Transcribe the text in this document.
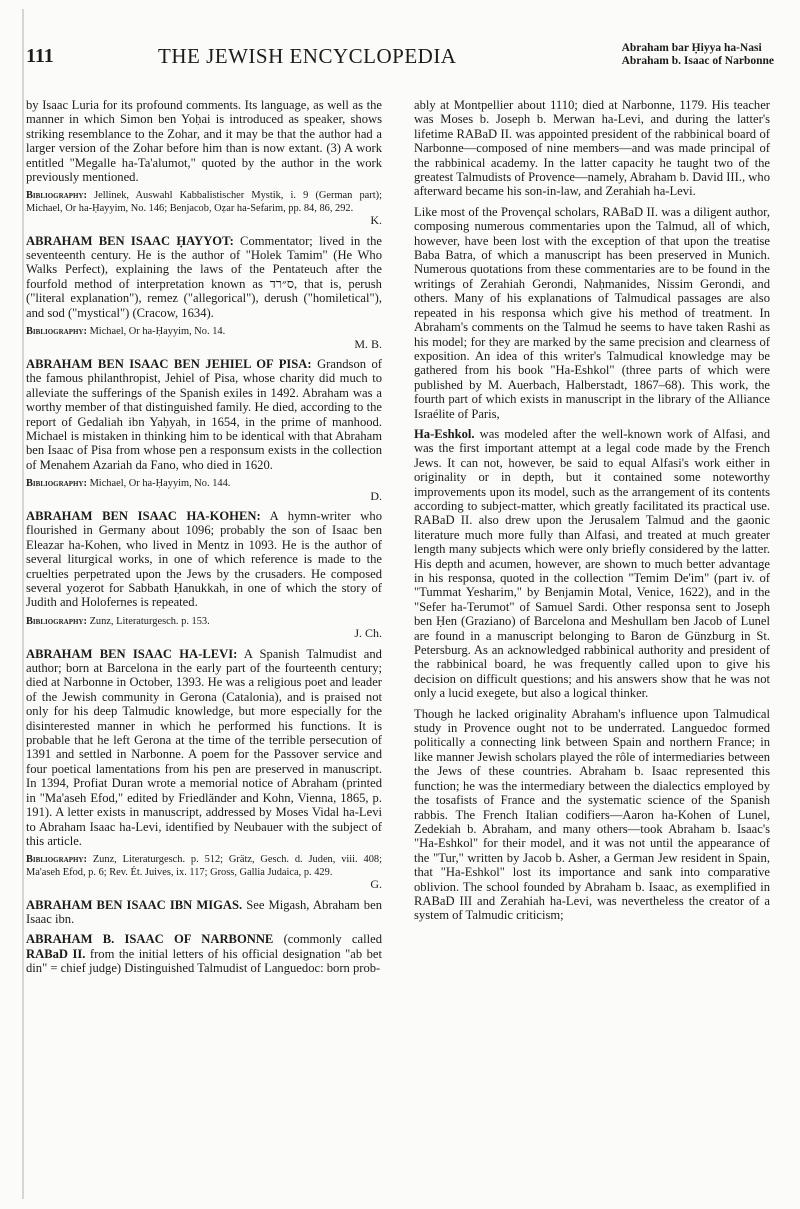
111	THE JEWISH ENCYCLOPEDIA	Abraham bar Ḥiyya ha-Nasi
Abraham b. Isaac of Narbonne

by Isaac Luria for its profound comments. Its language, as well as the manner in which Simon ben Yoḥai is introduced as speaker, shows striking resemblance to the Zohar, and it may be that the author had a larger version of the Zohar before him than is now extant. (3) A work entitled "Megalle ha-Ta'alumot," quoted by the author in the work previously mentioned.

Bibliography: Jellinek, Auswahl Kabbalistischer Mystik, i. 9 (German part); Michael, Or ha-Ḥayyim, No. 146; Benjacob, Oẓar ha-Sefarim, pp. 84, 86, 292.

K.

ABRAHAM BEN ISAAC ḤAYYOT: Commentator; lived in the seventeenth century. He is the author of "Holek Tamim" (He Who Walks Perfect), explaining the laws of the Pentateuch after the fourfold method of interpretation known as ס״רד, that is, perush ("literal explanation"), remez ("allegorical"), derush ("homiletical"), and sod ("mystical") (Cracow, 1634).

Bibliography: Michael, Or ha-Ḥayyim, No. 14.

M. B.

ABRAHAM BEN ISAAC BEN JEHIEL OF PISA: Grandson of the famous philanthropist, Jehiel of Pisa, whose charity did much to alleviate the sufferings of the Spanish exiles in 1492. Abraham was a worthy member of that distinguished family. He died, according to the report of Gedaliah ibn Yaḥyah, in 1654, in the prime of manhood. Michael is mistaken in thinking him to be identical with that Abraham ben Isaac of Pisa from whose pen a responsum exists in the collection of Menahem Azariah da Fano, who died in 1620.

Bibliography: Michael, Or ha-Ḥayyim, No. 144.

D.

ABRAHAM BEN ISAAC HA-KOHEN: A hymn-writer who flourished in Germany about 1096; probably the son of Isaac ben Eleazar ha-Kohen, who lived in Mentz in 1093. He is the author of several liturgical works, in one of which reference is made to the cruelties perpetrated upon the Jews by the crusaders. He composed several yoẓerot for Sabbath Ḥanukkah, in one of which the story of Judith and Holofernes is repeated.

Bibliography: Zunz, Literaturgesch. p. 153.

J. Ch.

ABRAHAM BEN ISAAC HA-LEVI: A Spanish Talmudist and author; born at Barcelona in the early part of the fourteenth century; died at Narbonne in October, 1393. He was a religious poet and leader of the Jewish community in Gerona (Catalonia), and is praised not only for his deep Talmudic knowledge, but more especially for the disinterested manner in which he performed his functions. It is probable that he left Gerona at the time of the terrible persecution of 1391 and settled in Narbonne. A poem for the Passover service and four poetical lamentations from his pen are preserved in manuscript. In 1394, Profiat Duran wrote a memorial notice of Abraham (printed in "Ma'aseh Efod," edited by Friedländer and Kohn, Vienna, 1865, p. 191). A letter exists in manuscript, addressed by Moses Vidal ha-Levi to Abraham Isaac ha-Levi, identified by Neubauer with the subject of this article.

Bibliography: Zunz, Literaturgesch. p. 512; Grätz, Gesch. d. Juden, viii. 408; Ma'aseh Efod, p. 6; Rev. Ét. Juives, ix. 117; Gross, Gallia Judaica, p. 429.

G.

ABRAHAM BEN ISAAC IBN MIGAS. See Migash, Abraham ben Isaac ibn.

ABRAHAM B. ISAAC OF NARBONNE (commonly called RABaD II. from the initial letters of his official designation "ab bet din" = chief judge) Distinguished Talmudist of Languedoc: born prob-

ably at Montpellier about 1110; died at Narbonne, 1179. His teacher was Moses b. Joseph b. Merwan ha-Levi, and during the latter's lifetime RABaD II. was appointed president of the rabbinical board of Narbonne—composed of nine members—and was made principal of the rabbinical academy. In the latter capacity he taught two of the greatest Talmudists of Provence—namely, Abraham b. David III., who afterward became his son-in-law, and Zerahiah ha-Levi.

Like most of the Provençal scholars, RABaD II. was a diligent author, composing numerous commentaries upon the Talmud, all of which, however, have been lost with the exception of that upon the treatise Baba Batra, of which a manuscript has been preserved in Munich. Numerous quotations from these commentaries are to be found in the writings of Zerahiah Gerondi, Naḥmanides, Nissim Gerondi, and others. Many of his explanations of Talmudical passages are also repeated in his responsa which give his method of treatment. In Abraham's comments on the Talmud he seems to have taken Rashi as his model; for they are marked by the same precision and clearness of exposition. An idea of this writer's Talmudical knowledge may be gathered from his book "Ha-Eshkol" (three parts of which were published by M. Auerbach, Halberstadt, 1867–68). This work, the fourth part of which exists in manuscript in the library of the Alliance Israélite of Paris,

Ha-Eshkol. was modeled after the well-known work of Alfasi, and was the first important attempt at a legal code made by the French Jews. It can not, however, be said to equal Alfasi's work either in originality or in depth, but it contained some noteworthy improvements upon its model, such as the arrangement of its contents according to subject-matter, which greatly facilitated its practical use. RABaD II. also drew upon the Jerusalem Talmud and the gaonic literature much more fully than Alfasi, and treated at much greater length many subjects which were only briefly considered by the latter. His depth and acumen, however, are shown to much better advantage in his responsa, quoted in the collection "Temim De'im" (part iv. of "Tummat Yesharim," by Benjamin Motal, Venice, 1622), and in the "Sefer ha-Terumot" of Samuel Sardi. Other responsa sent to Joseph ben Ḥen (Graziano) of Barcelona and Meshullam ben Jacob of Lunel are found in a manuscript belonging to Baron de Günzburg in St. Petersburg. As an acknowledged rabbinical authority and president of the rabbinical board, he was frequently called upon to give his decision on difficult questions; and his answers show that he was not only a lucid exegete, but also a logical thinker.

Though he lacked originality Abraham's influence upon Talmudical study in Provence ought not to be underrated. Languedoc formed politically a connecting link between Spain and northern France; in like manner Jewish scholars played the rôle of intermediaries between the Jews of these countries. Abraham b. Isaac represented this function; he was the intermediary between the dialectics employed by the tosafists of France and the systematic science of the Spanish rabbis. The French Italian codifiers—Aaron ha-Kohen of Lunel, Zedekiah b. Abraham, and many others—took Abraham b. Isaac's "Ha-Eshkol" for their model, and it was not until the appearance of the "Tur," written by Jacob b. Asher, a German Jew resident in Spain, that "Ha-Eshkol" lost its importance and sank into comparative oblivion. The school founded by Abraham b. Isaac, as exemplified in RABaD III and Zerahiah ha-Levi, was nevertheless the creator of a system of Talmudic criticism;
